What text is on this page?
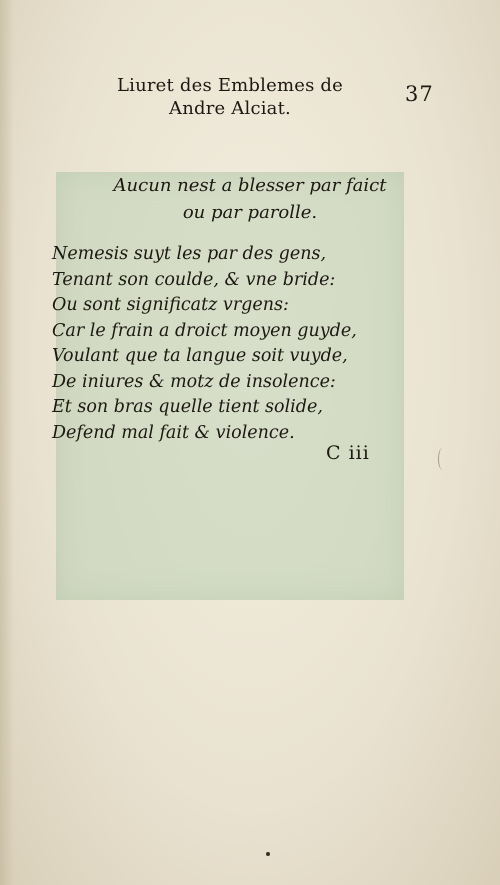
Liuret des Emblemes de
Andre Alciat.
37
Aucun nest a blesser par faict
ou par parolle.
Nemesis suyt les par des gens,
Tenant son coulde, & vne bride:
Ou sont significatz vrgens:
Car le frain a droict moyen guyde,
Voulant que ta langue soit vuyde,
De iniures & motz de insolence:
Et son bras quelle tient solide,
Defend mal fait & violence.
C iii
